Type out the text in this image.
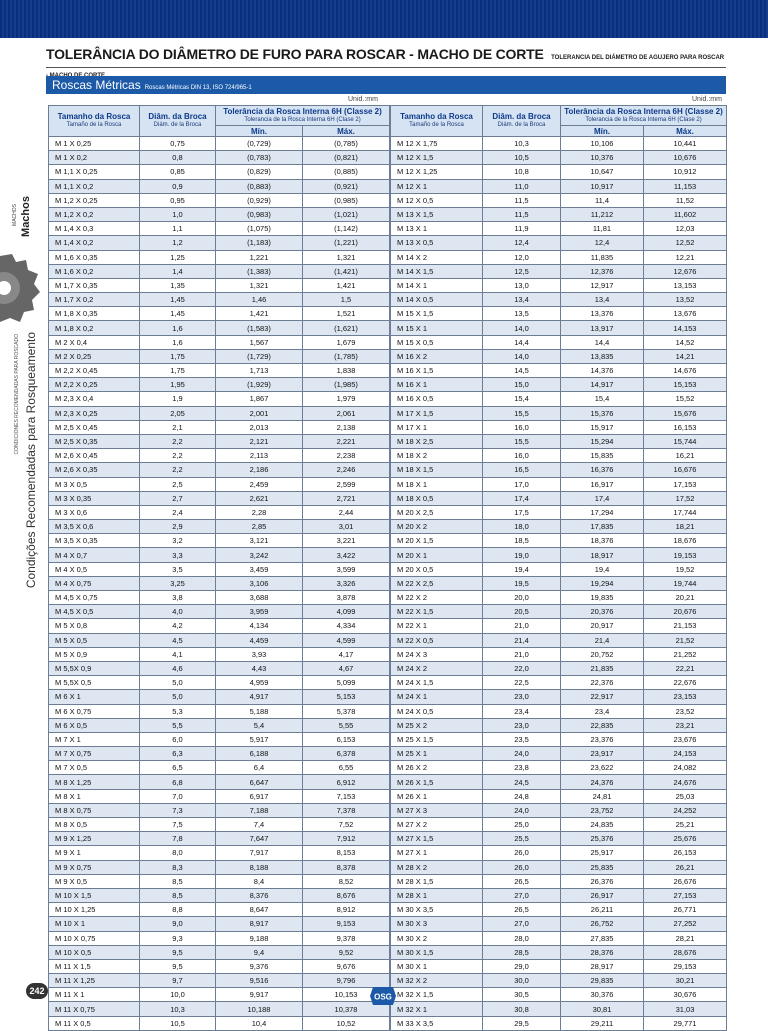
TOLERÂNCIA DO DIÂMETRO DE FURO PARA ROSCAR - MACHO DE CORTE TOLERANCIA DEL DIÁMETRO DE AGUJERO PARA ROSCAR
Roscas Métricas Roscas Métricas DIN 13, ISO 724/965-1
Unid.:mm	Unid.:mm
Machos
MACHOS
Condições Recomendadas para Rosqueamento
CONDICIONES RECOMENDADAS PARA ROSCADO
Tamanho da Rosca
Tamaño de la Rosca	Diâm. da Broca
Diám. de la Broca	Tolerância da Rosca Interna 6H (Classe 2)
Tolerancia de la Rosca Interna 6H (Clase 2)	

		Mín.	Máx.

M 1 X 0,25	0,75	(0,729)	(0,785)
M 1 X 0,2	0,8	(0,783)	(0,821)
M 1,1 X 0,25	0,85	(0,829)	(0,885)
M 1,1 X 0,2	0,9	(0,883)	(0,921)
M 1,2 X 0,25	0,95	(0,929)	(0,985)
M 1,2 X 0,2	1,0	(0,983)	(1,021)
M 1,4 X 0,3	1,1	(1,075)	(1,142)
M 1,4 X 0,2	1,2	(1,183)	(1,221)
M 1,6 X 0,35	1,25	1,221	1,321
M 1,6 X 0,2	1,4	(1,383)	(1,421)
M 1,7 X 0,35	1,35	1,321	1,421
M 1,7 X 0,2	1,45	1,46	1,5
M 1,8 X 0,35	1,45	1,421	1,521
M 1,8 X 0,2	1,6	(1,583)	(1,621)
M 2 X 0,4	1,6	1,567	1,679
M 2 X 0,25	1,75	(1,729)	(1,785)
M 2,2 X 0,45	1,75	1,713	1,838
M 2,2 X 0,25	1,95	(1,929)	(1,985)
M 2,3 X 0,4	1,9	1,867	1,979
M 2,3 X 0,25	2,05	2,001	2,061
M 2,5 X 0,45	2,1	2,013	2,138
M 2,5 X 0,35	2,2	2,121	2,221
M 2,6 X 0,45	2,2	2,113	2,238
M 2,6 X 0,35	2,2	2,186	2,246
M 3 X 0,5	2,5	2,459	2,599
M 3 X 0,35	2,7	2,621	2,721
M 3 X 0,6	2,4	2,28	2,44
M 3,5 X 0,6	2,9	2,85	3,01
M 3,5 X 0,35	3,2	3,121	3,221
M 4 X 0,7	3,3	3,242	3,422
M 4 X 0,5	3,5	3,459	3,599
M 4 X 0,75	3,25	3,106	3,326
M 4,5 X 0,75	3,8	3,688	3,878
M 4,5 X 0,5	4,0	3,959	4,099
M 5 X 0,8	4,2	4,134	4,334
M 5 X 0,5	4,5	4,459	4,599
M 5 X 0,9	4,1	3,93	4,17
M 5,5X 0,9	4,6	4,43	4,67
M 5,5X 0,5	5,0	4,959	5,099
M 6 X 1	5,0	4,917	5,153
M 6 X 0,75	5,3	5,188	5,378
M 6 X 0,5	5,5	5,4	5,55
M 7 X 1	6,0	5,917	6,153
M 7 X 0,75	6,3	6,188	6,378
M 7 X 0,5	6,5	6,4	6,55
M 8 X 1,25	6,8	6,647	6,912
M 8 X 1	7,0	6,917	7,153
M 8 X 0,75	7,3	7,188	7,378
M 8 X 0,5	7,5	7,4	7,52
M 9 X 1,25	7,8	7,647	7,912
M 9 X 1	8,0	7,917	8,153
M 9 X 0,75	8,3	8,188	8,378
M 9 X 0,5	8,5	8,4	8,52
M 10 X 1,5	8,5	8,376	8,676
M 10 X 1,25	8,8	8,647	8,912
M 10 X 1	9,0	8,917	9,153
M 10 X 0,75	9,3	9,188	9,378
M 10 X 0,5	9,5	9,4	9,52
M 11 X 1,5	9,5	9,376	9,676
M 11 X 1,25	9,7	9,516	9,796
M 11 X 1	10,0	9,917	10,153
M 11 X 0,75	10,3	10,188	10,378
M 11 X 0,5	10,5	10,4	10,52
Tamanho da Rosca
Tamaño de la Rosca	Diâm. da Broca
Diám. de la Broca	Tolerância da Rosca Interna 6H (Classe 2)
Tolerancia de la Rosca Interna 6H (Clase 2)	

		Mín.	Máx.

M 12 X 1,75	10,3	10,106	10,441
M 12 X 1,5	10,5	10,376	10,676
M 12 X 1,25	10,8	10,647	10,912
M 12 X 1	11,0	10,917	11,153
M 12 X 0,5	11,5	11,4	11,52
M 13 X 1,5	11,5	11,212	11,602
M 13 X 1	11,9	11,81	12,03
M 13 X 0,5	12,4	12,4	12,52
M 14 X 2	12,0	11,835	12,21
M 14 X 1,5	12,5	12,376	12,676
M 14 X 1	13,0	12,917	13,153
M 14 X 0,5	13,4	13,4	13,52
M 15 X 1,5	13,5	13,376	13,676
M 15 X 1	14,0	13,917	14,153
M 15 X 0,5	14,4	14,4	14,52
M 16 X 2	14,0	13,835	14,21
M 16 X 1,5	14,5	14,376	14,676
M 16 X 1	15,0	14,917	15,153
M 16 X 0,5	15,4	15,4	15,52
M 17 X 1,5	15,5	15,376	15,676
M 17 X 1	16,0	15,917	16,153
M 18 X 2,5	15,5	15,294	15,744
M 18 X 2	16,0	15,835	16,21
M 18 X 1,5	16,5	16,376	16,676
M 18 X 1	17,0	16,917	17,153
M 18 X 0,5	17,4	17,4	17,52
M 20 X 2,5	17,5	17,294	17,744
M 20 X 2	18,0	17,835	18,21
M 20 X 1,5	18,5	18,376	18,676
M 20 X 1	19,0	18,917	19,153
M 20 X 0,5	19,4	19,4	19,52
M 22 X 2,5	19,5	19,294	19,744
M 22 X 2	20,0	19,835	20,21
M 22 X 1,5	20,5	20,376	20,676
M 22 X 1	21,0	20,917	21,153
M 22 X 0,5	21,4	21,4	21,52
M 24 X 3	21,0	20,752	21,252
M 24 X 2	22,0	21,835	22,21
M 24 X 1,5	22,5	22,376	22,676
M 24 X 1	23,0	22,917	23,153
M 24 X 0,5	23,4	23,4	23,52
M 25 X 2	23,0	22,835	23,21
M 25 X 1,5	23,5	23,376	23,676
M 25 X 1	24,0	23,917	24,153
M 26 X 2	23,8	23,622	24,082
M 26 X 1,5	24,5	24,376	24,676
M 26 X 1	24,8	24,81	25,03
M 27 X 3	24,0	23,752	24,252
M 27 X 2	25,0	24,835	25,21
M 27 X 1,5	25,5	25,376	25,676
M 27 X 1	26,0	25,917	26,153
M 28 X 2	26,0	25,835	26,21
M 28 X 1,5	26,5	26,376	26,676
M 28 X 1	27,0	26,917	27,153
M 30 X 3,5	26,5	26,211	26,771
M 30 X 3	27,0	26,752	27,252
M 30 X 2	28,0	27,835	28,21
M 30 X 1,5	28,5	28,376	28,676
M 30 X 1	29,0	28,917	29,153
M 32 X 2	30,0	29,835	30,21
M 32 X 1,5	30,5	30,376	30,676
M 32 X 1	30,8	30,81	31,03
M 33 X 3,5	29,5	29,211	29,771
242
OSG
